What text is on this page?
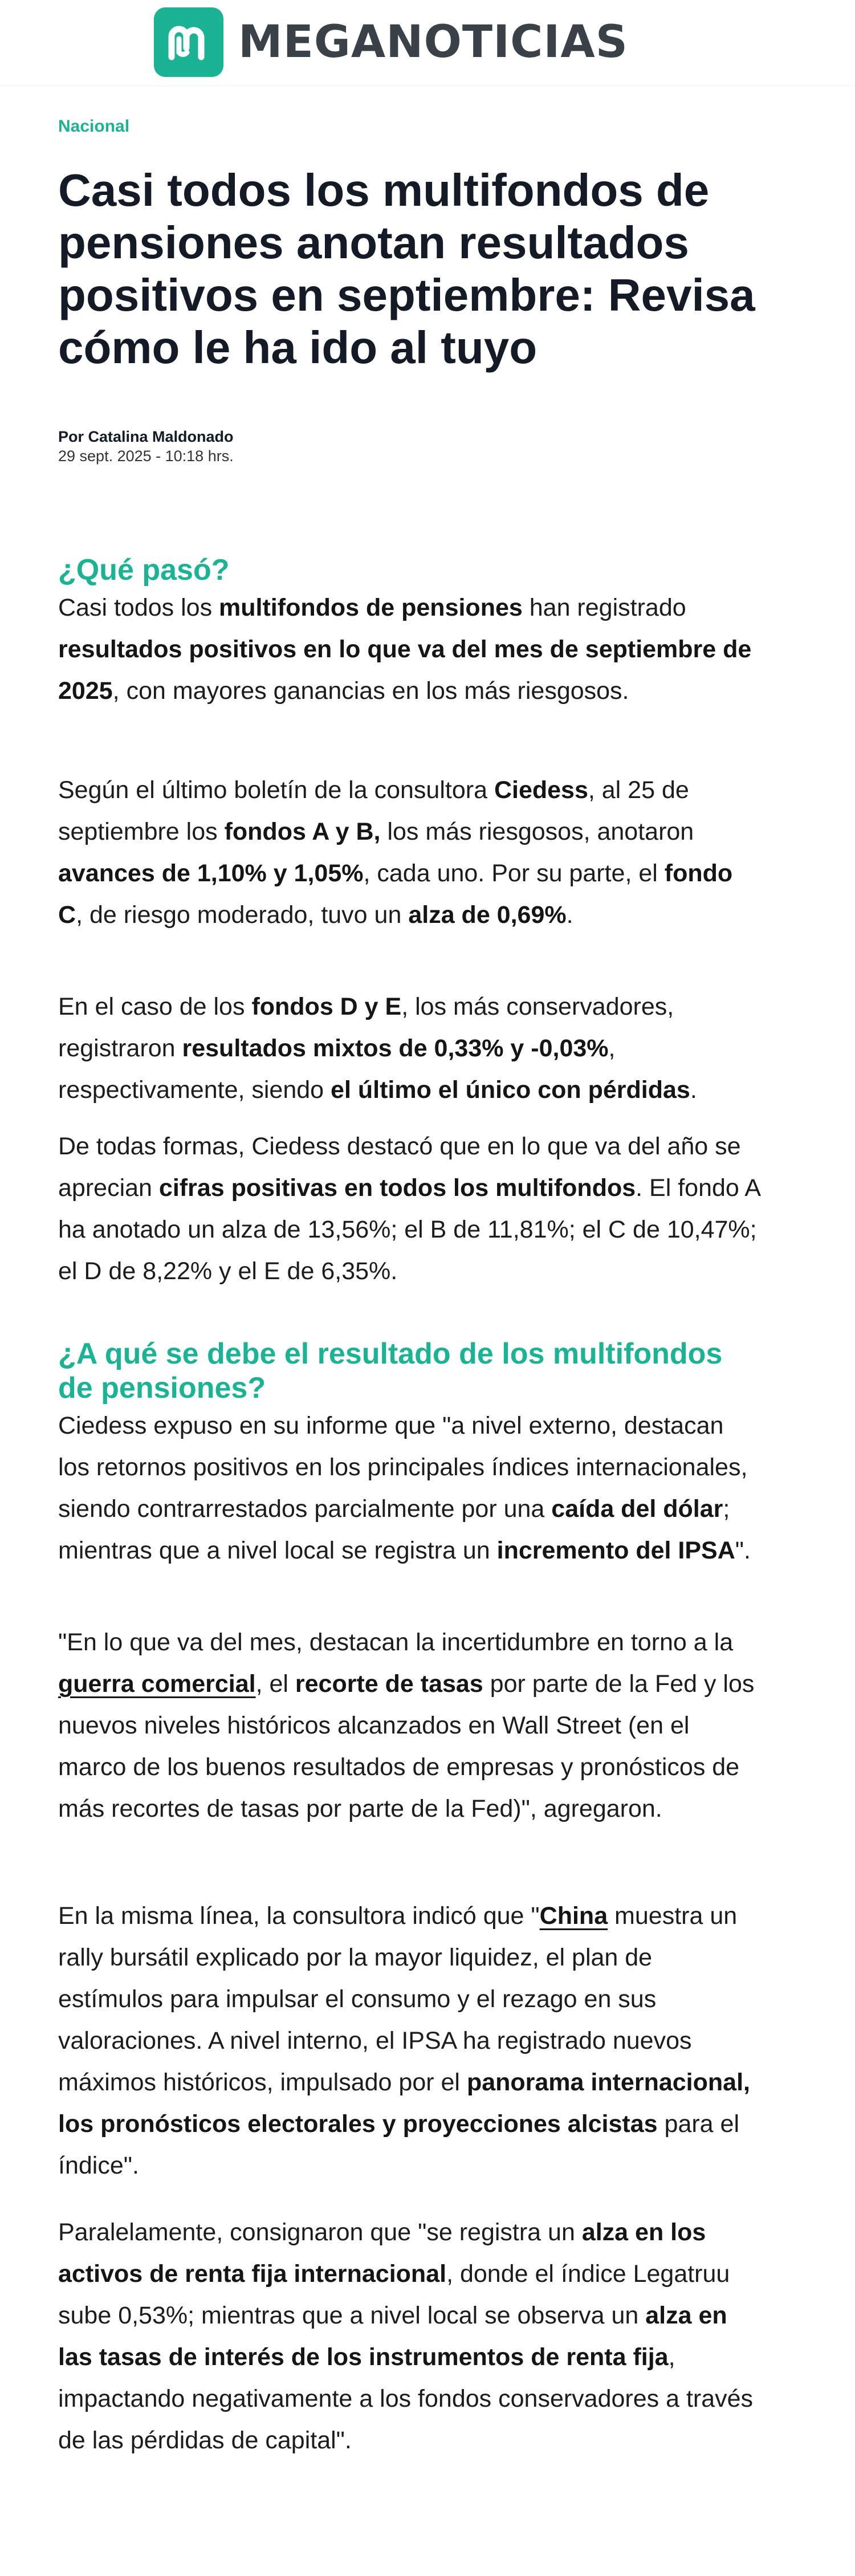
MEGANOTICIAS
Nacional
Casi todos los multifondos de pensiones anotan resultados positivos en septiembre: Revisa cómo le ha ido al tuyo
Por Catalina Maldonado
29 sept. 2025 - 10:18 hrs.
¿Qué pasó?

Casi todos los multifondos de pensiones han registrado resultados positivos en lo que va del mes de septiembre de 2025, con mayores ganancias en los más riesgosos.

Según el último boletín de la consultora Ciedess, al 25 de septiembre los fondos A y B, los más riesgosos, anotaron avances de 1,10% y 1,05%, cada uno. Por su parte, el fondo C, de riesgo moderado, tuvo un alza de 0,69%.

En el caso de los fondos D y E, los más conservadores, registraron resultados mixtos de 0,33% y -0,03%, respectivamente, siendo el último el único con pérdidas.

De todas formas, Ciedess destacó que en lo que va del año se aprecian cifras positivas en todos los multifondos. El fondo A ha anotado un alza de 13,56%; el B de 11,81%; el C de 10,47%; el D de 8,22% y el E de 6,35%.

¿A qué se debe el resultado de los multifondos de pensiones?

Ciedess expuso en su informe que "a nivel externo, destacan los retornos positivos en los principales índices internacionales, siendo contrarrestados parcialmente por una caída del dólar; mientras que a nivel local se registra un incremento del IPSA".

"En lo que va del mes, destacan la incertidumbre en torno a la guerra comercial, el recorte de tasas por parte de la Fed y los nuevos niveles históricos alcanzados en Wall Street (en el marco de los buenos resultados de empresas y pronósticos de más recortes de tasas por parte de la Fed)", agregaron.

En la misma línea, la consultora indicó que "China muestra un rally bursátil explicado por la mayor liquidez, el plan de estímulos para impulsar el consumo y el rezago en sus valoraciones. A nivel interno, el IPSA ha registrado nuevos máximos históricos, impulsado por el panorama internacional, los pronósticos electorales y proyecciones alcistas para el índice".

Paralelamente, consignaron que "se registra un alza en los activos de renta fija internacional, donde el índice Legatruu sube 0,53%; mientras que a nivel local se observa un alza en las tasas de interés de los instrumentos de renta fija, impactando negativamente a los fondos conservadores a través de las pérdidas de capital".
